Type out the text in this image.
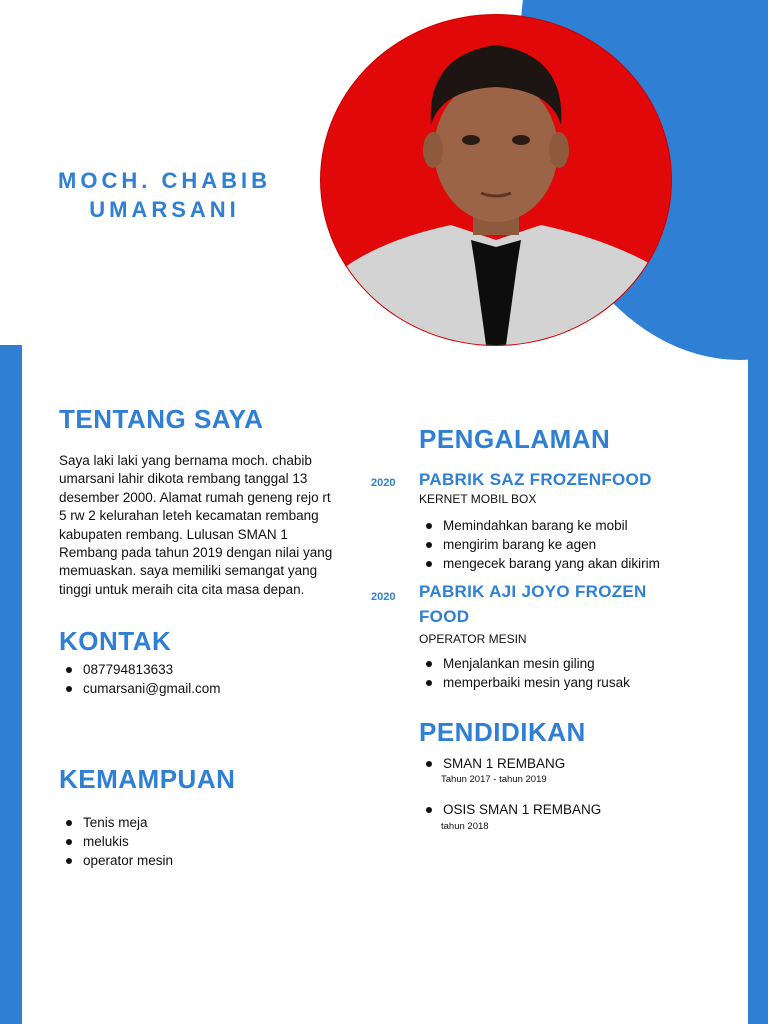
MOCH. CHABIB
UMARSANI
TENTANG SAYA
Saya laki laki yang bernama moch. chabib umarsani lahir dikota rembang tanggal 13 desember 2000. Alamat rumah geneng rejo rt 5 rw 2 kelurahan leteh kecamatan rembang kabupaten rembang. Lulusan SMAN 1 Rembang pada tahun 2019 dengan nilai yang memuaskan. saya memiliki semangat yang tinggi untuk meraih cita cita masa depan.
KONTAK
087794813633
cumarsani@gmail.com
KEMAMPUAN
Tenis meja
melukis
operator mesin
PENGALAMAN
2020 PABRIK SAZ FROZENFOOD
KERNET MOBIL BOX
Memindahkan barang ke mobil
mengirim barang ke agen
mengecek barang yang akan dikirim
2020 PABRIK AJI JOYO FROZEN
FOOD
OPERATOR MESIN
Menjalankan mesin giling
memperbaiki mesin yang rusak
PENDIDIKAN
SMAN 1 REMBANG
Tahun 2017 - tahun 2019
OSIS SMAN 1 REMBANG
tahun 2018
